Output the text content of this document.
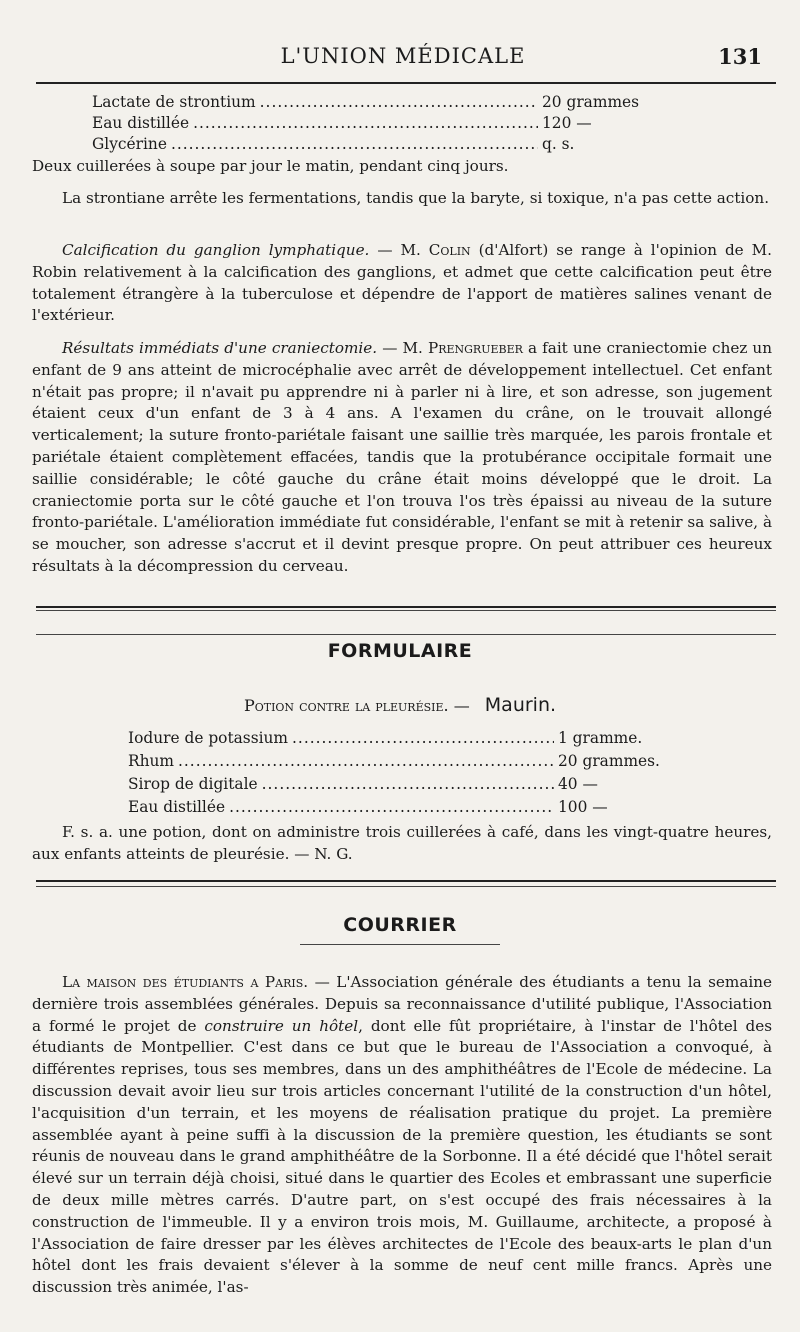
L'UNION MÉDICALE	131
Lactate de strontium .....	20 grammes
Eau distillée .....	120 —
Glycérine .....	q. s.

Deux cuillerées à soupe par jour le matin, pendant cinq jours.

La strontiane arrête les fermentations, tandis que la baryte, si toxique, n'a pas cette action.

Calcification du ganglion lymphatique. — M. Colin (d'Alfort) se range à l'opinion de M. Robin relativement à la calcification des ganglions, et admet que cette calcification peut être totalement étrangère à la tuberculose et dépendre de l'apport de matières salines venant de l'extérieur.

Résultats immédiats d'une craniectomie. — M. Prengrueber a fait une craniectomie chez un enfant de 9 ans atteint de microcéphalie avec arrêt de développement intellectuel. Cet enfant n'était pas propre; il n'avait pu apprendre ni à parler ni à lire, et son adresse, son jugement étaient ceux d'un enfant de 3 à 4 ans. A l'examen du crâne, on le trouvait allongé verticalement; la suture fronto-pariétale faisant une saillie très marquée, les parois frontale et pariétale étaient complètement effacées, tandis que la protubérance occipitale formait une saillie considérable; le côté gauche du crâne était moins développé que le droit. La craniectomie porta sur le côté gauche et l'on trouva l'os très épaissi au niveau de la suture fronto-pariétale. L'amélioration immédiate fut considérable, l'enfant se mit à retenir sa salive, à se moucher, son adresse s'accrut et il devint presque propre. On peut attribuer ces heureux résultats à la décompression du cerveau.

FORMULAIRE
Potion contre la pleurésie. — Maurin.
Iodure de potassium .....	1 gramme.
Rhum .....	20 grammes.
Sirop de digitale .....	40 —
Eau distillée .....	100 —

F. s. a. une potion, dont on administre trois cuillerées à café, dans les vingt-quatre heures, aux enfants atteints de pleurésie. — N. G.

COURRIER

La maison des étudiants a Paris. — L'Association générale des étudiants a tenu la semaine dernière trois assemblées générales. Depuis sa reconnaissance d'utilité publique, l'Association a formé le projet de construire un hôtel, dont elle fût propriétaire, à l'instar de l'hôtel des étudiants de Montpellier. C'est dans ce but que le bureau de l'Association a convoqué, à différentes reprises, tous ses membres, dans un des amphithéâtres de l'Ecole de médecine. La discussion devait avoir lieu sur trois articles concernant l'utilité de la construction d'un hôtel, l'acquisition d'un terrain, et les moyens de réalisation pratique du projet. La première assemblée ayant à peine suffi à la discussion de la première question, les étudiants se sont réunis de nouveau dans le grand amphithéâtre de la Sorbonne. Il a été décidé que l'hôtel serait élevé sur un terrain déjà choisi, situé dans le quartier des Ecoles et embrassant une superficie de deux mille mètres carrés. D'autre part, on s'est occupé des frais nécessaires à la construction de l'immeuble. Il y a environ trois mois, M. Guillaume, architecte, a proposé à l'Association de faire dresser par les élèves architectes de l'Ecole des beaux-arts le plan d'un hôtel dont les frais devaient s'élever à la somme de neuf cent mille francs. Après une discussion très animée, l'as-
